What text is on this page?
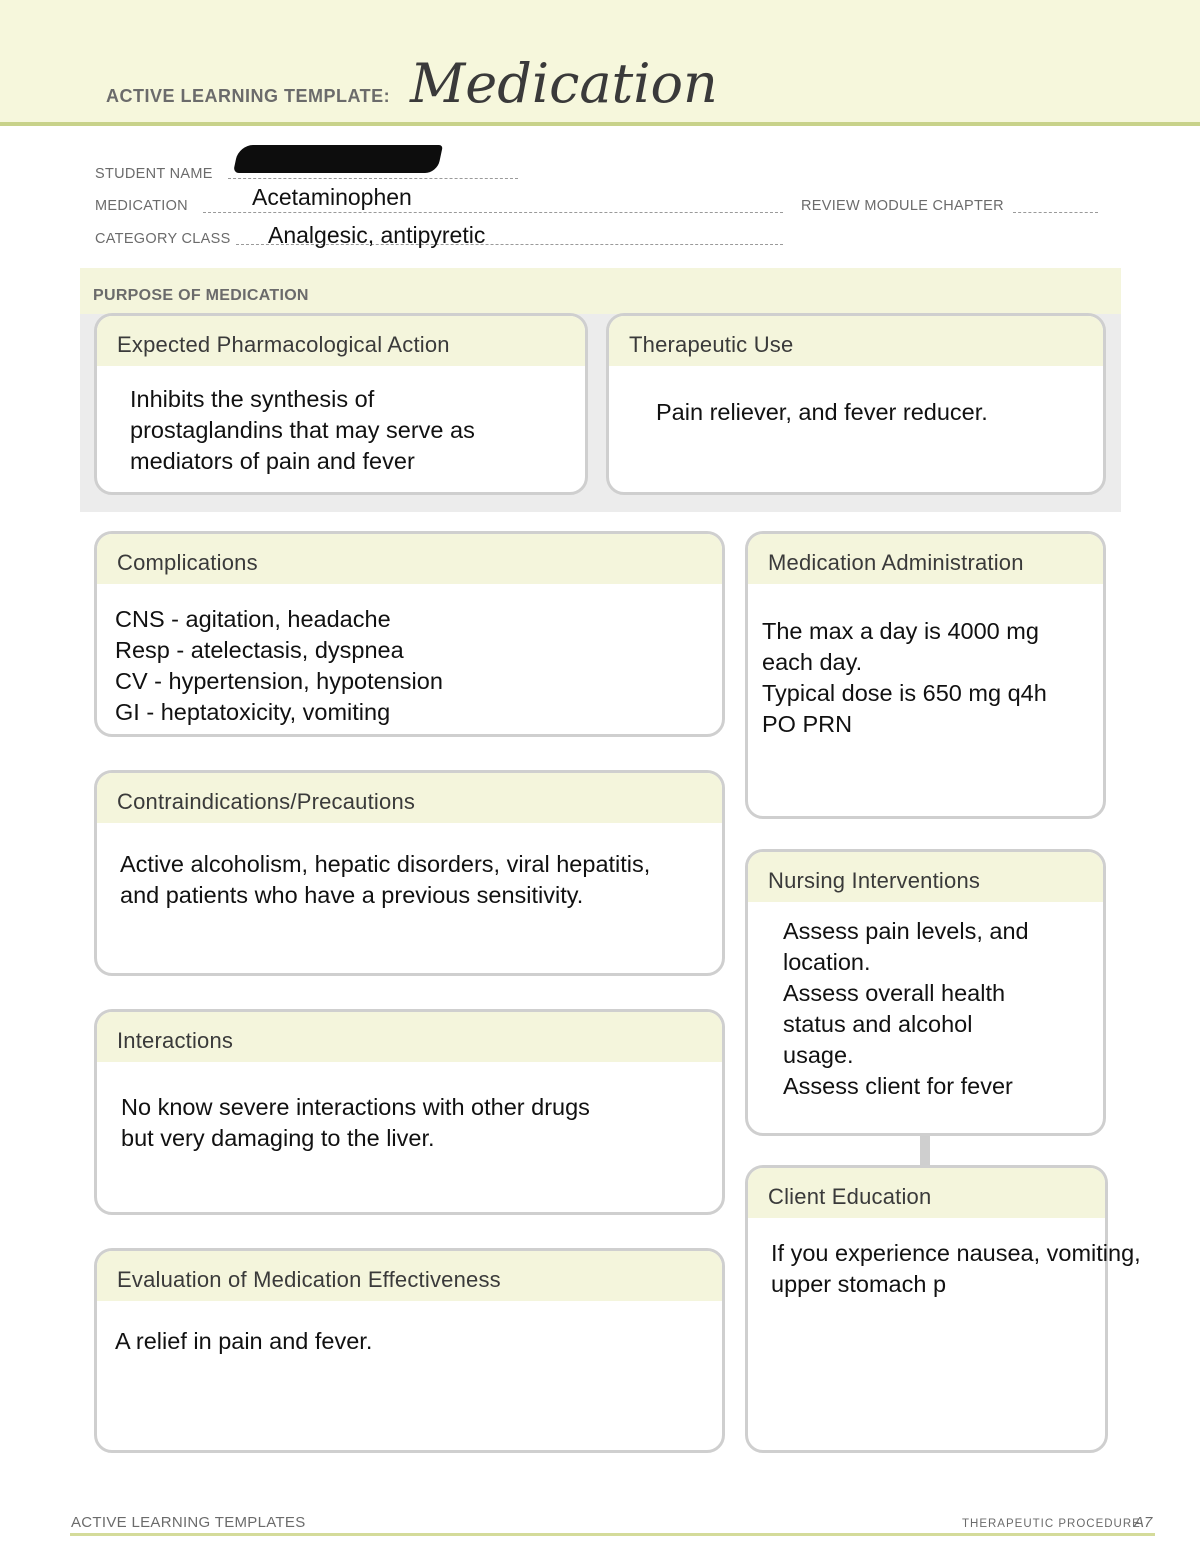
ACTIVE LEARNING TEMPLATE: Medication
STUDENT NAME
MEDICATION	Acetaminophen	REVIEW MODULE CHAPTER
CATEGORY CLASS Analgesic, antipyretic
PURPOSE OF MEDICATION
Expected Pharmacological Action
Inhibits the synthesis of
prostaglandins that may serve as
mediators of pain and fever
Therapeutic Use
Pain reliever, and fever reducer.
Complications
CNS - agitation, headache
Resp - atelectasis, dyspnea
CV - hypertension, hypotension
GI - heptatoxicity, vomiting
Contraindications/Precautions
Active alcoholism, hepatic disorders, viral hepatitis,
and patients who have a previous sensitivity.
Interactions
No know severe interactions with other drugs
but very damaging to the liver.
Evaluation of Medication Effectiveness
A relief in pain and fever.
Medication Administration
The max a day is 4000 mg
each day.
Typical dose is 650 mg q4h
PO PRN
Nursing Interventions
Assess pain levels, and
location.
Assess overall health
status and alcohol
usage.
Assess client for fever
Client Education
If you experience nausea, vomiting,
upper stomach p
ACTIVE LEARNING TEMPLATES	THERAPEUTIC PROCEDURE
A7
